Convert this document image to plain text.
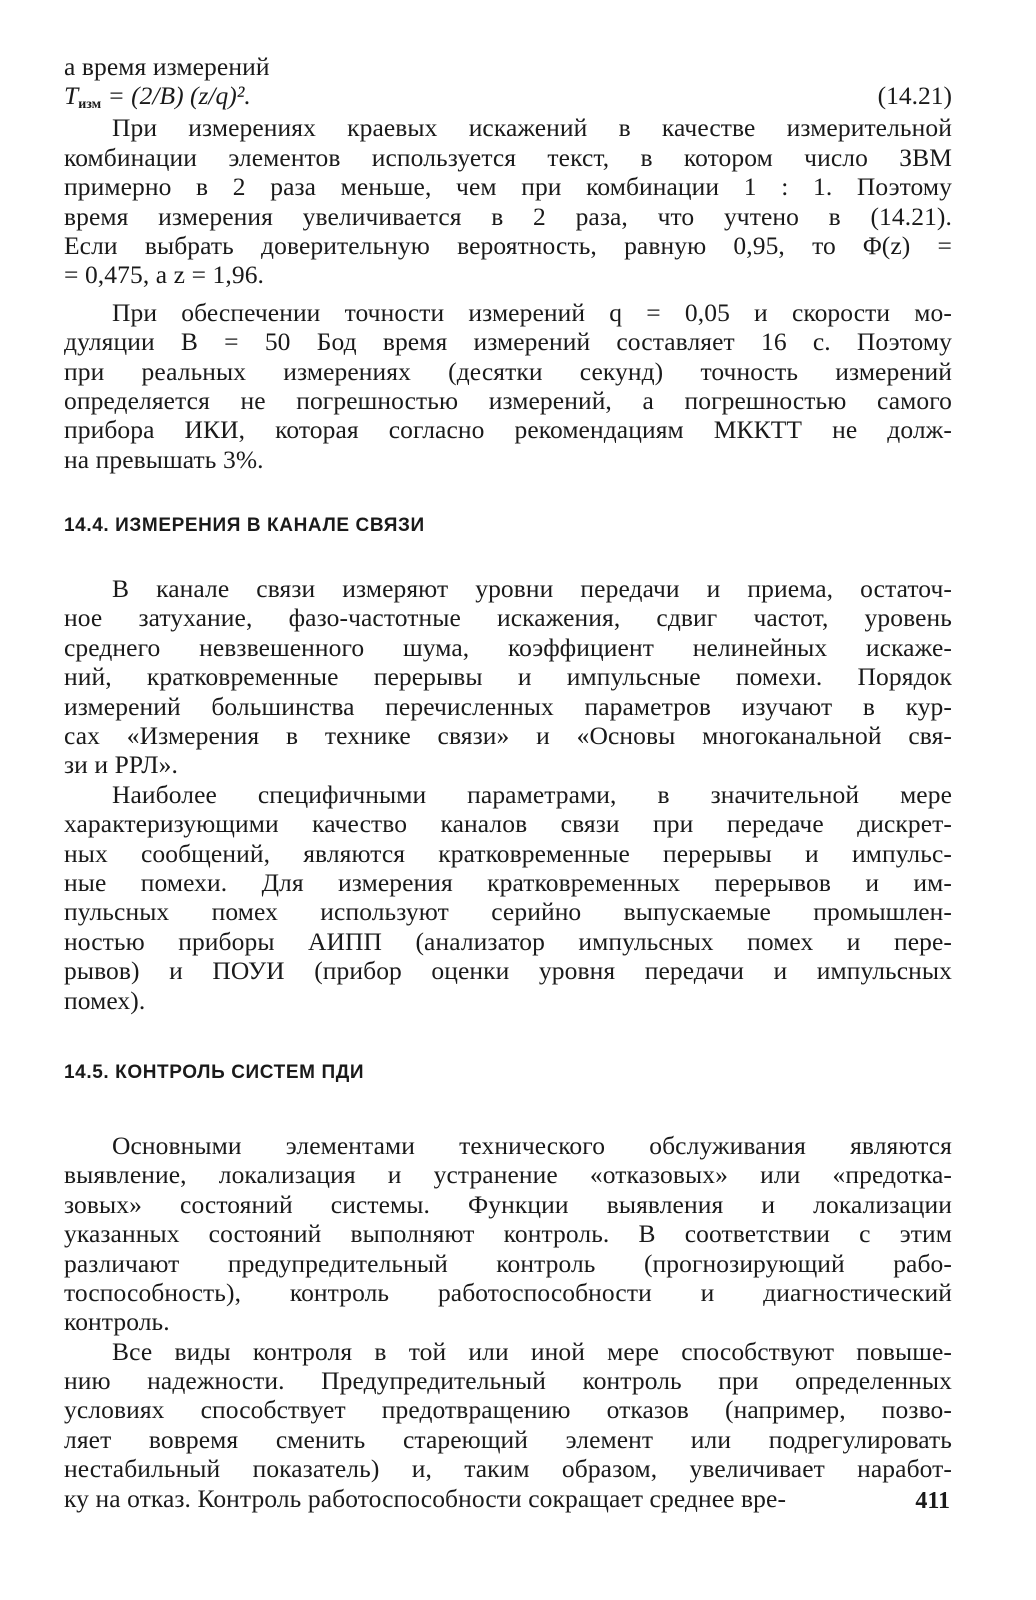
а время измерений
$T_{изм} = (2/B)$ (z/q)².	(14.21)
При измерениях краевых искажений в качестве измерительной
комбинации элементов используется текст, в котором число ЗВМ
примерно в 2 раза меньше, чем при комбинации 1 : 1. Поэтому
время измерения увеличивается в 2 раза, что учтено в (14.21).
Если выбрать доверительную вероятность, равную 0,95, то Φ(z) =
= 0,475, а z = 1,96.
При обеспечении точности измерений q = 0,05 и скорости мо-
дуляции B = 50 Бод время измерений составляет 16 с. Поэтому
при реальных измерениях (десятки секунд) точность измерений
определяется не погрешностью измерений, а погрешностью самого
прибора ИКИ, которая согласно рекомендациям МККТТ не долж-
на превышать 3%.
14.4. ИЗМЕРЕНИЯ В КАНАЛЕ СВЯЗИ
В канале связи измеряют уровни передачи и приема, остаточ-
ное затухание, фазо-частотные искажения, сдвиг частот, уровень
среднего невзвешенного шума, коэффициент нелинейных искаже-
ний, кратковременные перерывы и импульсные помехи. Порядок
измерений большинства перечисленных параметров изучают в кур-
сах «Измерения в технике связи» и «Основы многоканальной свя-
зи и РРЛ».
Наиболее специфичными параметрами, в значительной мере
характеризующими качество каналов связи при передаче дискрет-
ных сообщений, являются кратковременные перерывы и импульс-
ные помехи. Для измерения кратковременных перерывов и им-
пульсных помех используют серийно выпускаемые промышлен-
ностью приборы АИПП (анализатор импульсных помех и пере-
рывов) и ПОУИ (прибор оценки уровня передачи и импульсных
помех).
14.5. КОНТРОЛЬ СИСТЕМ ПДИ
Основными элементами технического обслуживания являются
выявление, локализация и устранение «отказовых» или «предотка-
зовых» состояний системы. Функции выявления и локализации
указанных состояний выполняют контроль. В соответствии с этим
различают предупредительный контроль (прогнозирующий рабо-
тоспособность), контроль работоспособности и диагностический
контроль.
Все виды контроля в той или иной мере способствуют повыше-
нию надежности. Предупредительный контроль при определенных
условиях способствует предотвращению отказов (например, позво-
ляет вовремя сменить стареющий элемент или подрегулировать
нестабильный показатель) и, таким образом, увеличивает наработ-
ку на отказ. Контроль работоспособности сокращает среднее вре-	411
